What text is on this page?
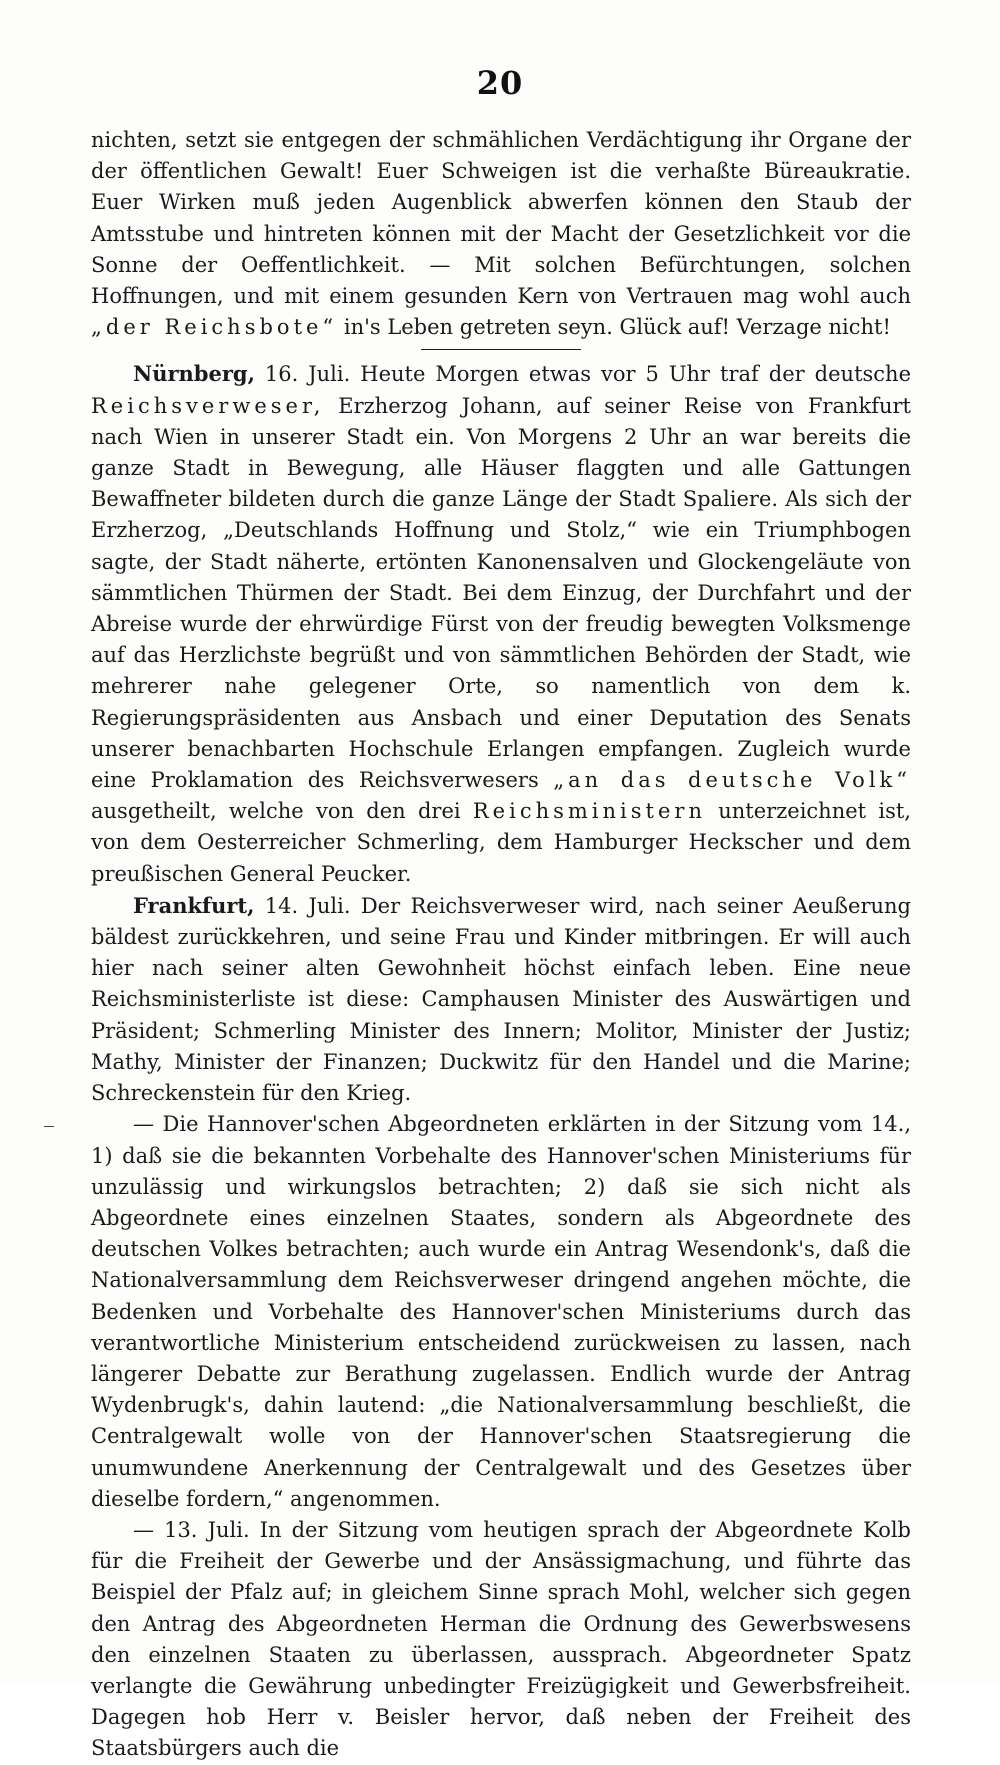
20

nichten, setzt sie entgegen der schmählichen Verdächtigung ihr Organe der der öffentlichen Gewalt! Euer Schweigen ist die verhaßte Büreaukratie. Euer Wirken muß jeden Augenblick abwerfen können den Staub der Amtsstube und hintreten können mit der Macht der Gesetzlichkeit vor die Sonne der Oeffentlichkeit. — Mit solchen Befürchtungen, solchen Hoffnungen, und mit einem gesunden Kern von Vertrauen mag wohl auch „der Reichsbote“ in's Leben getreten seyn. Glück auf! Verzage nicht!

Nürnberg, 16. Juli. Heute Morgen etwas vor 5 Uhr traf der deutsche Reichsverweser, Erzherzog Johann, auf seiner Reise von Frankfurt nach Wien in unserer Stadt ein. Von Morgens 2 Uhr an war bereits die ganze Stadt in Bewegung, alle Häuser flaggten und alle Gattungen Bewaffneter bildeten durch die ganze Länge der Stadt Spaliere. Als sich der Erzherzog, „Deutschlands Hoffnung und Stolz,“ wie ein Triumphbogen sagte, der Stadt näherte, ertönten Kanonensalven und Glockengeläute von sämmtlichen Thürmen der Stadt. Bei dem Einzug, der Durchfahrt und der Abreise wurde der ehrwürdige Fürst von der freudig bewegten Volksmenge auf das Herzlichste begrüßt und von sämmtlichen Behörden der Stadt, wie mehrerer nahe gelegener Orte, so namentlich von dem k. Regierungspräsidenten aus Ansbach und einer Deputation des Senats unserer benachbarten Hochschule Erlangen empfangen. Zugleich wurde eine Proklamation des Reichsverwesers „an das deutsche Volk“ ausgetheilt, welche von den drei Reichsministern unterzeichnet ist, von dem Oesterreicher Schmerling, dem Hamburger Heckscher und dem preußischen General Peucker.

Frankfurt, 14. Juli. Der Reichsverweser wird, nach seiner Aeußerung bäldest zurückkehren, und seine Frau und Kinder mitbringen. Er will auch hier nach seiner alten Gewohnheit höchst einfach leben. Eine neue Reichsministerliste ist diese: Camphausen Minister des Auswärtigen und Präsident; Schmerling Minister des Innern; Molitor, Minister der Justiz; Mathy, Minister der Finanzen; Duckwitz für den Handel und die Marine; Schreckenstein für den Krieg.

— Die Hannover'schen Abgeordneten erklärten in der Sitzung vom 14., 1) daß sie die bekannten Vorbehalte des Hannover'schen Ministeriums für unzulässig und wirkungslos betrachten; 2) daß sie sich nicht als Abgeordnete eines einzelnen Staates, sondern als Abgeordnete des deutschen Volkes betrachten; auch wurde ein Antrag Wesendonk's, daß die Nationalversammlung dem Reichsverweser dringend angehen möchte, die Bedenken und Vorbehalte des Hannover'schen Ministeriums durch das verantwortliche Ministerium entscheidend zurückweisen zu lassen, nach längerer Debatte zur Berathung zugelassen. Endlich wurde der Antrag Wydenbrugk's, dahin lautend: „die Nationalversammlung beschließt, die Centralgewalt wolle von der Hannover'schen Staatsregierung die unumwundene Anerkennung der Centralgewalt und des Gesetzes über dieselbe fordern,“ angenommen.

— 13. Juli. In der Sitzung vom heutigen sprach der Abgeordnete Kolb für die Freiheit der Gewerbe und der Ansässigmachung, und führte das Beispiel der Pfalz auf; in gleichem Sinne sprach Mohl, welcher sich gegen den Antrag des Abgeordneten Herman die Ordnung des Gewerbswesens den einzelnen Staaten zu überlassen, aussprach. Abgeordneter Spatz verlangte die Gewährung unbedingter Freizügigkeit und Gewerbsfreiheit. Dagegen hob Herr v. Beisler hervor, daß neben der Freiheit des Staatsbürgers auch die
